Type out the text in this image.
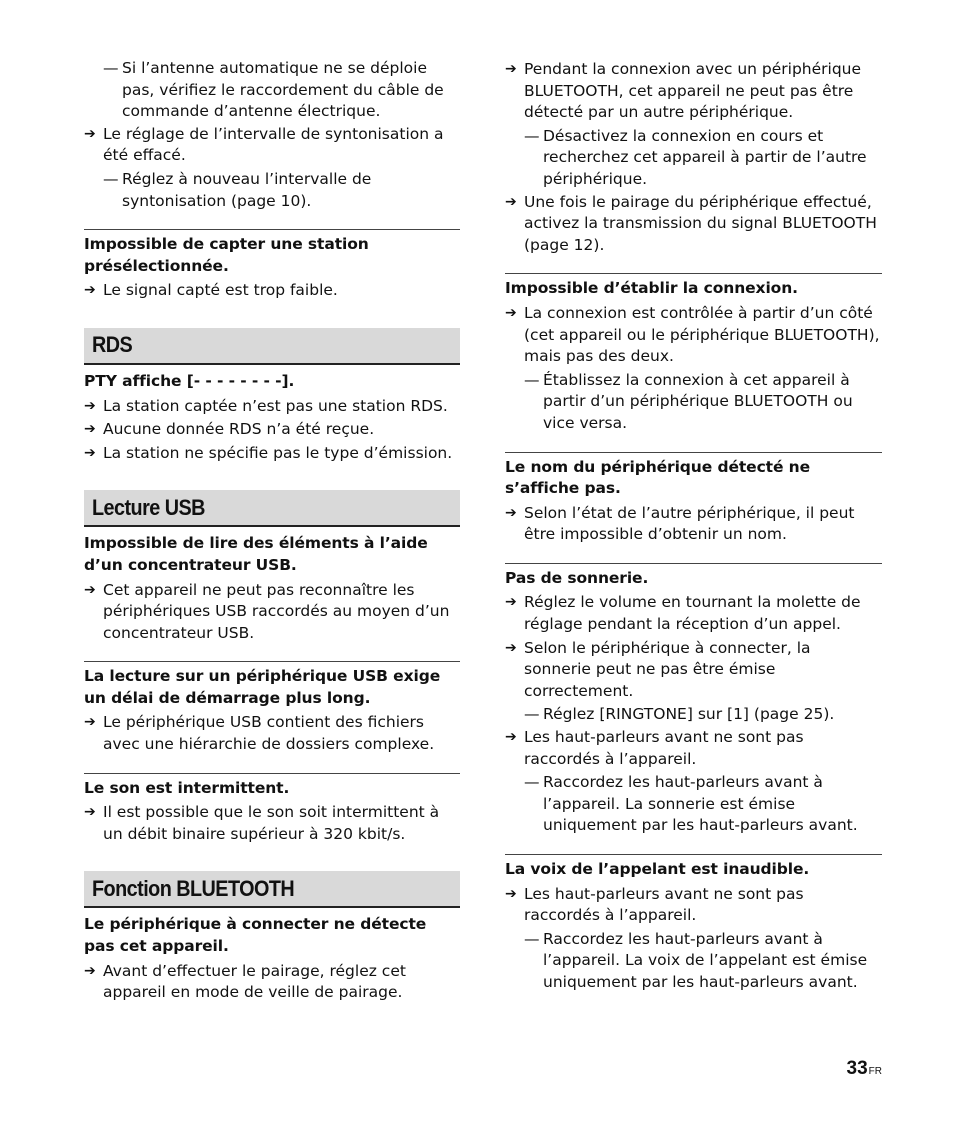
— Si l’antenne automatique ne se déploie pas, vérifiez le raccordement du câble de commande d’antenne électrique.
➔ Le réglage de l’intervalle de syntonisation a été effacé.
— Réglez à nouveau l’intervalle de syntonisation (page 10).
Impossible de capter une station présélectionnée.
➔ Le signal capté est trop faible.
RDS
PTY affiche [- - - - - - - -].
➔ La station captée n’est pas une station RDS.
➔ Aucune donnée RDS n’a été reçue.
➔ La station ne spécifie pas le type d’émission.
Lecture USB
Impossible de lire des éléments à l’aide d’un concentrateur USB.
➔ Cet appareil ne peut pas reconnaître les périphériques USB raccordés au moyen d’un concentrateur USB.
La lecture sur un périphérique USB exige un délai de démarrage plus long.
➔ Le périphérique USB contient des fichiers avec une hiérarchie de dossiers complexe.
Le son est intermittent.
➔ Il est possible que le son soit intermittent à un débit binaire supérieur à 320 kbit/s.
Fonction BLUETOOTH
Le périphérique à connecter ne détecte pas cet appareil.
➔ Avant d’effectuer le pairage, réglez cet appareil en mode de veille de pairage.
➔ Pendant la connexion avec un périphérique BLUETOOTH, cet appareil ne peut pas être détecté par un autre périphérique.
— Désactivez la connexion en cours et recherchez cet appareil à partir de l’autre périphérique.
➔ Une fois le pairage du périphérique effectué, activez la transmission du signal BLUETOOTH (page 12).
Impossible d’établir la connexion.
➔ La connexion est contrôlée à partir d’un côté (cet appareil ou le périphérique BLUETOOTH), mais pas des deux.
— Établissez la connexion à cet appareil à partir d’un périphérique BLUETOOTH ou vice versa.
Le nom du périphérique détecté ne s’affiche pas.
➔ Selon l’état de l’autre périphérique, il peut être impossible d’obtenir un nom.
Pas de sonnerie.
➔ Réglez le volume en tournant la molette de réglage pendant la réception d’un appel.
➔ Selon le périphérique à connecter, la sonnerie peut ne pas être émise correctement.
— Réglez [RINGTONE] sur [1] (page 25).
➔ Les haut-parleurs avant ne sont pas raccordés à l’appareil.
— Raccordez les haut-parleurs avant à l’appareil. La sonnerie est émise uniquement par les haut-parleurs avant.
La voix de l’appelant est inaudible.
➔ Les haut-parleurs avant ne sont pas raccordés à l’appareil.
— Raccordez les haut-parleurs avant à l’appareil. La voix de l’appelant est émise uniquement par les haut-parleurs avant.
33FR
